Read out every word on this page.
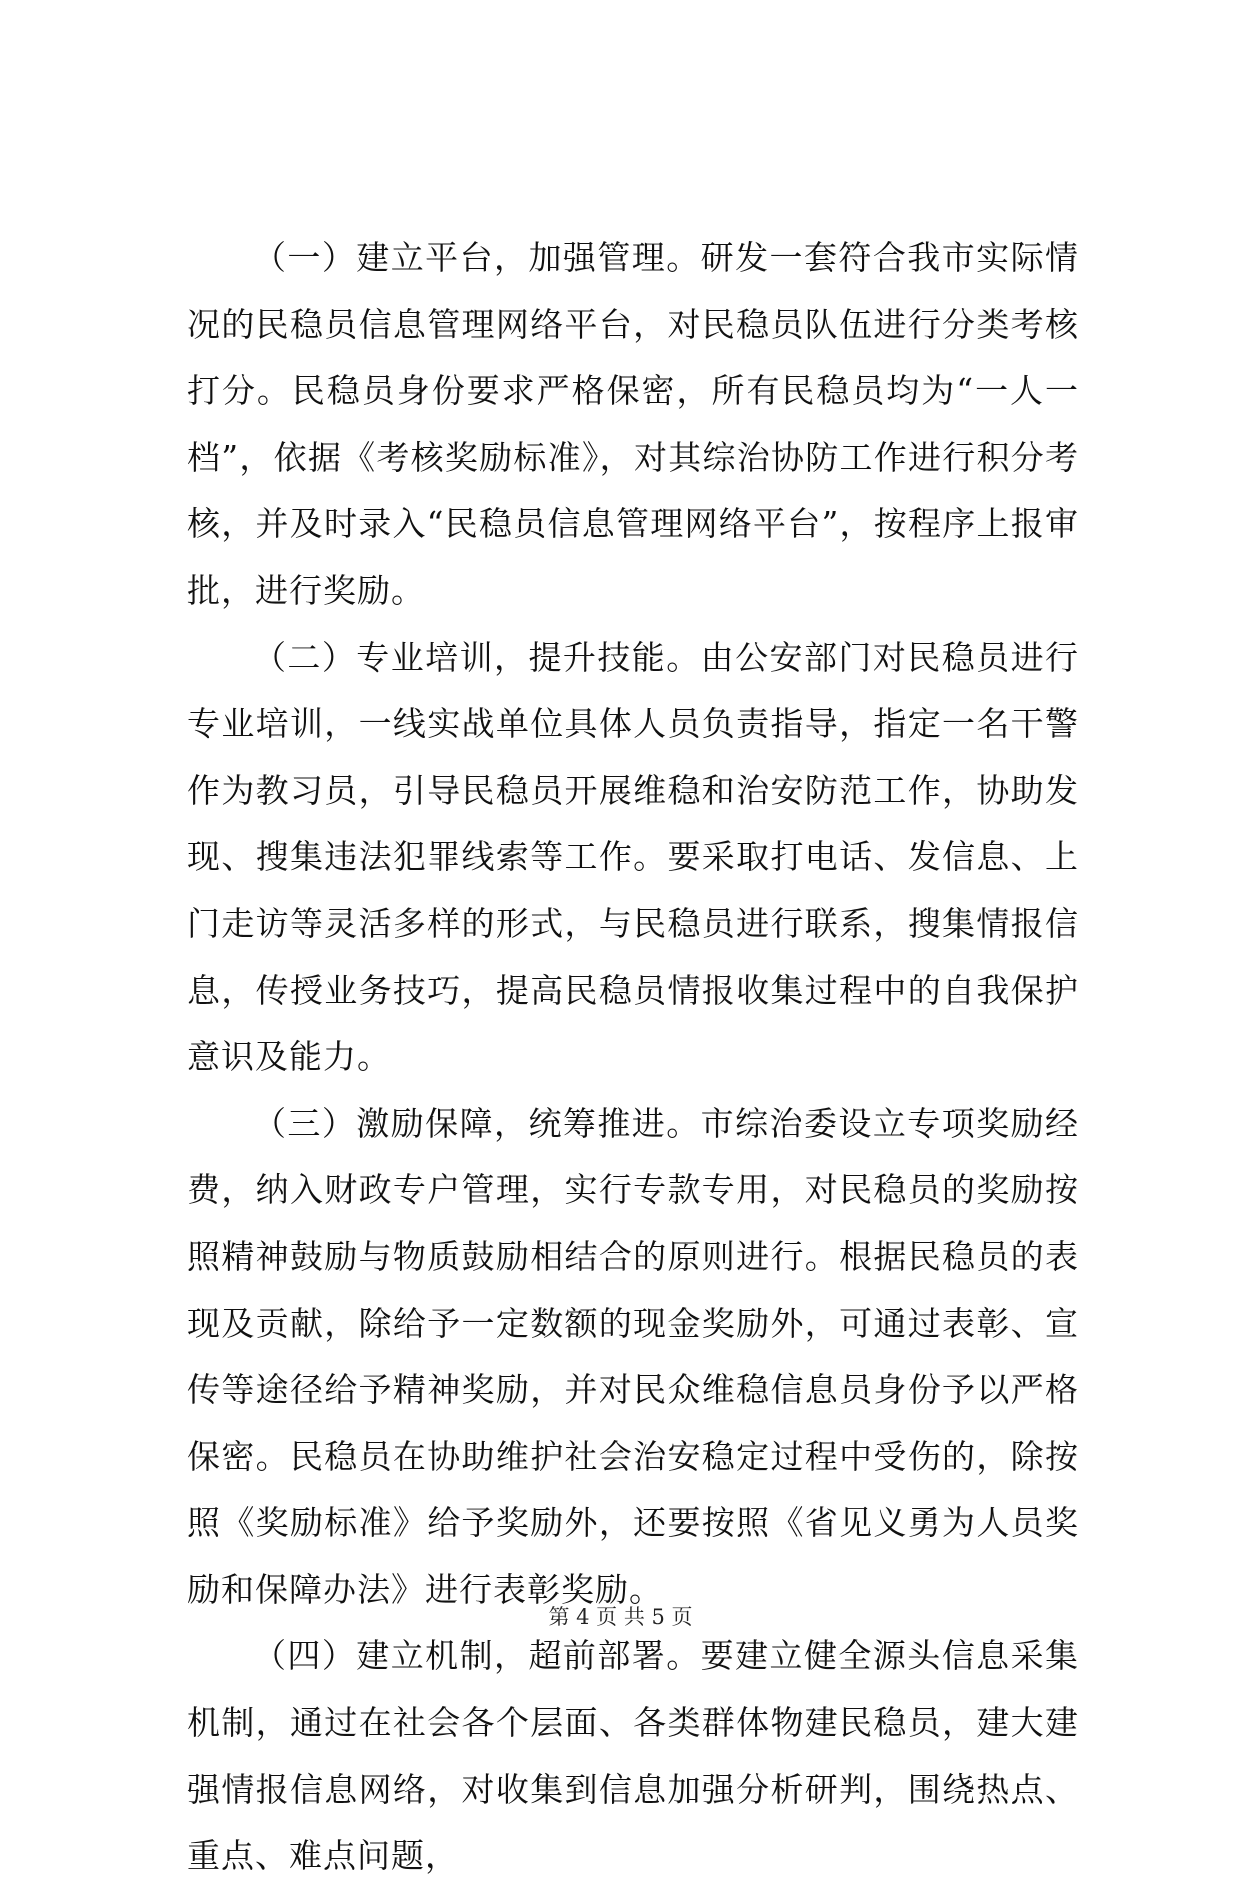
（一）建立平台，加强管理。研发一套符合我市实际情况的民稳员信息管理网络平台，对民稳员队伍进行分类考核打分。民稳员身份要求严格保密，所有民稳员均为“一人一档”，依据《考核奖励标准》，对其综治协防工作进行积分考核，并及时录入“民稳员信息管理网络平台”，按程序上报审批，进行奖励。

（二）专业培训，提升技能。由公安部门对民稳员进行专业培训，一线实战单位具体人员负责指导，指定一名干警作为教习员，引导民稳员开展维稳和治安防范工作，协助发现、搜集违法犯罪线索等工作。要采取打电话、发信息、上门走访等灵活多样的形式，与民稳员进行联系，搜集情报信息，传授业务技巧，提高民稳员情报收集过程中的自我保护意识及能力。

（三）激励保障，统筹推进。市综治委设立专项奖励经费，纳入财政专户管理，实行专款专用，对民稳员的奖励按照精神鼓励与物质鼓励相结合的原则进行。根据民稳员的表现及贡献，除给予一定数额的现金奖励外，可通过表彰、宣传等途径给予精神奖励，并对民众维稳信息员身份予以严格保密。民稳员在协助维护社会治安稳定过程中受伤的，除按照《奖励标准》给予奖励外，还要按照《省见义勇为人员奖励和保障办法》进行表彰奖励。

（四）建立机制，超前部署。要建立健全源头信息采集机制，通过在社会各个层面、各类群体物建民稳员，建大建强情报信息网络，对收集到信息加强分析研判，围绕热点、重点、难点问题，

第 4 页 共 5 页
